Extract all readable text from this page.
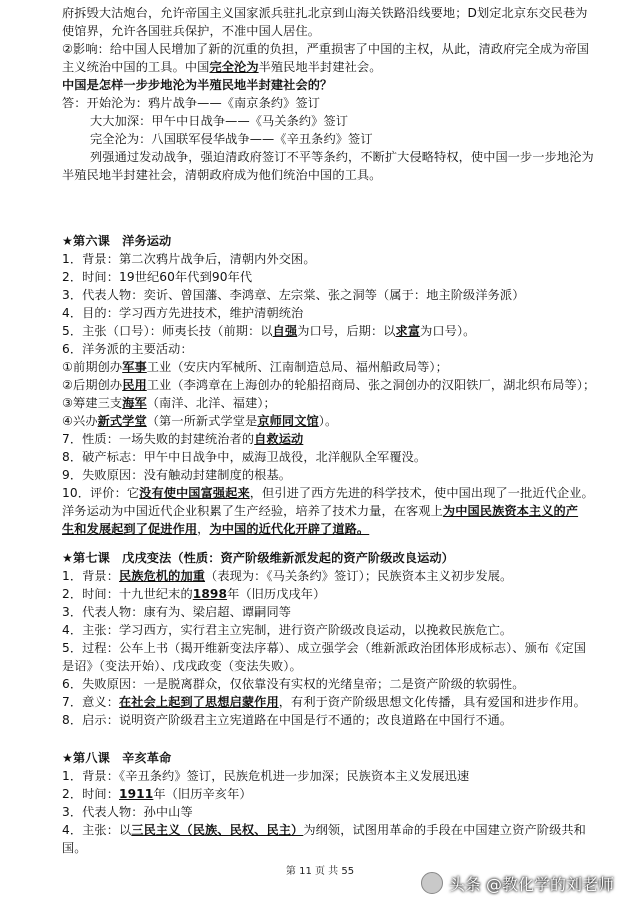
府拆毁大沽炮台，允许帝国主义国家派兵驻扎北京到山海关铁路沿线要地；D划定北京东交民巷为
使馆界，允许各国驻兵保护，不准中国人居住。
②影响：给中国人民增加了新的沉重的负担，严重损害了中国的主权，从此，清政府完全成为帝国
主义统治中国的工具。中国完全沦为半殖民地半封建社会。
中国是怎样一步步地沦为半殖民地半封建社会的？
答：开始沦为：鸦片战争——《南京条约》签订
大大加深：甲午中日战争——《马关条约》签订
完全沦为：八国联军侵华战争——《辛丑条约》签订
列强通过发动战争，强迫清政府签订不平等条约，不断扩大侵略特权，使中国一步一步地沦为
半殖民地半封建社会，清朝政府成为他们统治中国的工具。
★第六课　洋务运动
1．背景：第二次鸦片战争后，清朝内外交困。
2．时间：19世纪60年代到90年代
3．代表人物：奕䜣、曾国藩、李鸿章、左宗棠、张之洞等（属于：地主阶级洋务派）
4．目的：学习西方先进技术，维护清朝统治
5．主张（口号）：师夷长技（前期：以自强为口号，后期：以求富为口号）。
6．洋务派的主要活动：
①前期创办军事工业（安庆内军械所、江南制造总局、福州船政局等）；
②后期创办民用工业（李鸿章在上海创办的轮船招商局、张之洞创办的汉阳铁厂，湖北织布局等）；
③筹建三支海军（南洋、北洋、福建）；
④兴办新式学堂（第一所新式学堂是京师同文馆）。
7．性质：一场失败的封建统治者的自救运动
8．破产标志：甲午中日战争中，威海卫战役，北洋舰队全军覆没。
9．失败原因：没有触动封建制度的根基。
10．评价：它没有使中国富强起来，但引进了西方先进的科学技术，使中国出现了一批近代企业。
洋务运动为中国近代企业积累了生产经验，培养了技术力量，在客观上为中国民族资本主义的产
生和发展起到了促进作用，为中国的近代化开辟了道路。
★第七课　戊戌变法（性质：资产阶级维新派发起的资产阶级改良运动）
1．背景：民族危机的加重（表现为：《马关条约》签订）；民族资本主义初步发展。
2．时间：十九世纪末的1898年（旧历戊戌年）
3．代表人物：康有为、梁启超、谭嗣同等
4．主张：学习西方，实行君主立宪制，进行资产阶级改良运动，以挽救民族危亡。
5．过程：公车上书（揭开维新变法序幕）、成立强学会（维新派政治团体形成标志）、颁布《定国
是诏》（变法开始）、戊戌政变（变法失败）。
6．失败原因：一是脱离群众，仅依靠没有实权的光绪皇帝；二是资产阶级的软弱性。
7．意义：在社会上起到了思想启蒙作用，有利于资产阶级思想文化传播，具有爱国和进步作用。
8．启示：说明资产阶级君主立宪道路在中国是行不通的；改良道路在中国行不通。
★第八课　辛亥革命
1．背景：《辛丑条约》签订，民族危机进一步加深；民族资本主义发展迅速
2．时间：1911年（旧历辛亥年）
3．代表人物：孙中山等
4．主张：以三民主义（民族、民权、民主）为纲领，试图用革命的手段在中国建立资产阶级共和
国。
第 11 页 共 55
头条 @教化学的刘老师
